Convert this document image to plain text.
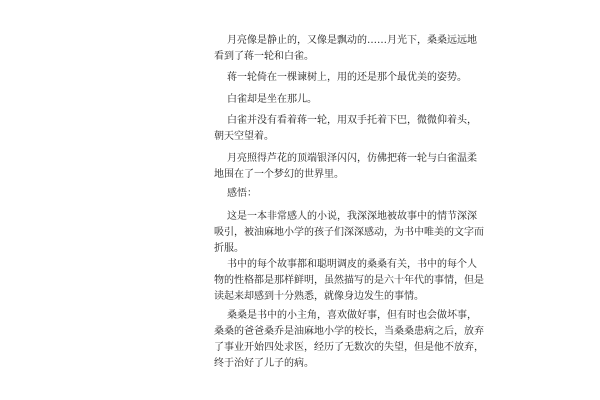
月亮像是静止的，又像是飘动的……月光下，桑桑远远地
看到了蒋一轮和白雀。

蒋一轮倚在一棵谏树上，用的还是那个最优美的姿势。

白雀却是坐在那儿。

白雀并没有看着蒋一轮，用双手托着下巴，微微仰着头，
朝天空望着。

月亮照得芦花的顶端银泽闪闪，仿佛把蒋一轮与白雀温柔
地围在了一个梦幻的世界里。

感悟：

这是一本非常感人的小说，我深深地被故事中的情节深深
吸引，被油麻地小学的孩子们深深感动，为书中唯美的文字而
折服。

书中的每个故事都和聪明调皮的桑桑有关，书中的每个人
物的性格都是那样鲜明，虽然描写的是六十年代的事情，但是
读起来却感到十分熟悉，就像身边发生的事情。

桑桑是书中的小主角，喜欢做好事，但有时也会做坏事，
桑桑的爸爸桑乔是油麻地小学的校长，当桑桑患病之后，放弃
了事业开始四处求医，经历了无数次的失望，但是他不放弃，
终于治好了儿子的病。
